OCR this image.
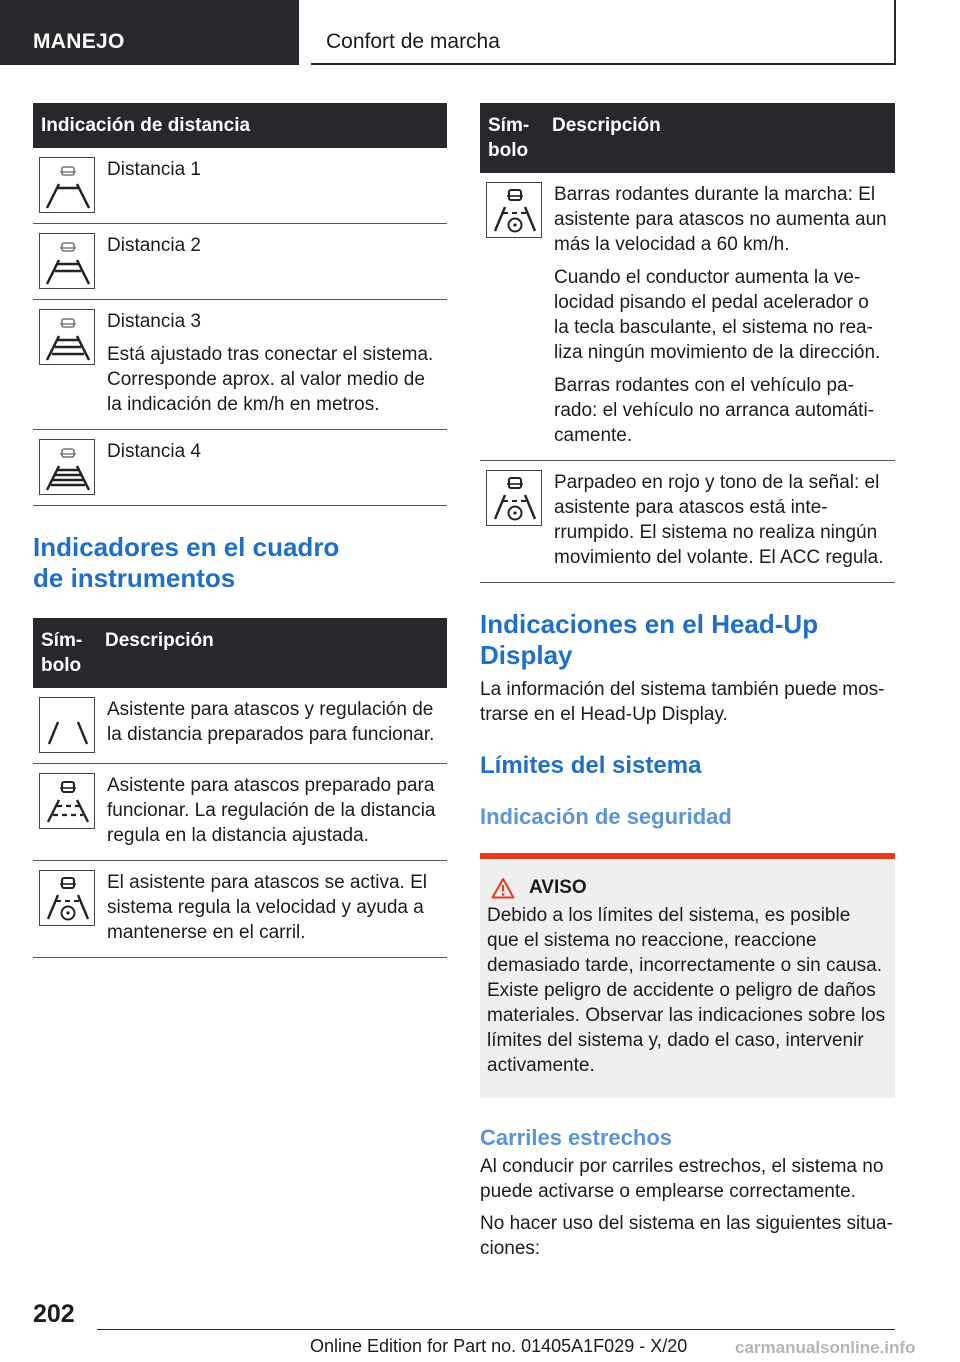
MANEJO	Confort de marcha
Indicación de distancia	

Distancia 1

Distancia 2

Distancia 3

Está ajustado tras conectar el sistema. Corresponde aprox. al valor medio de la indicación de km/h en metros.

Distancia 4

Indicadores en el cuadro de instrumentos
Símbolo	Descripción

Asistente para atascos y regulación de la distancia preparados para funcionar.

Asistente para atascos preparado para funcionar. La regulación de la distancia regula en la distancia ajustada.

El asistente para atascos se activa. El sistema regula la velocidad y ayuda a mantenerse en el carril.

Símbolo	Descripción

Barras rodantes durante la marcha: El asistente para atascos no aumenta aun más la velocidad a 60 km/h.

Cuando el conductor aumenta la velocidad pisando el pedal acelerador o la tecla basculante, el sistema no realiza ningún movimiento de la dirección.

Barras rodantes con el vehículo parado: el vehículo no arranca automáticamente.

Parpadeo en rojo y tono de la señal: el asistente para atascos está interrumpido. El sistema no realiza ningún movimiento del volante. El ACC regula.

Indicaciones en el Head-Up Display

La información del sistema también puede mostrarse en el Head-Up Display.

Límites del sistema
Indicación de seguridad
AVISO

Debido a los límites del sistema, es posible que el sistema no reaccione, reaccione demasiado tarde, incorrectamente o sin causa. Existe peligro de accidente o peligro de daños materiales. Observar las indicaciones sobre los límites del sistema y, dado el caso, intervenir activamente.

Carriles estrechos

Al conducir por carriles estrechos, el sistema no puede activarse o emplearse correctamente.

No hacer uso del sistema en las siguientes situaciones:

202
Online Edition for Part no. 01405A1F029 - X/20	carmanualsonline.info
